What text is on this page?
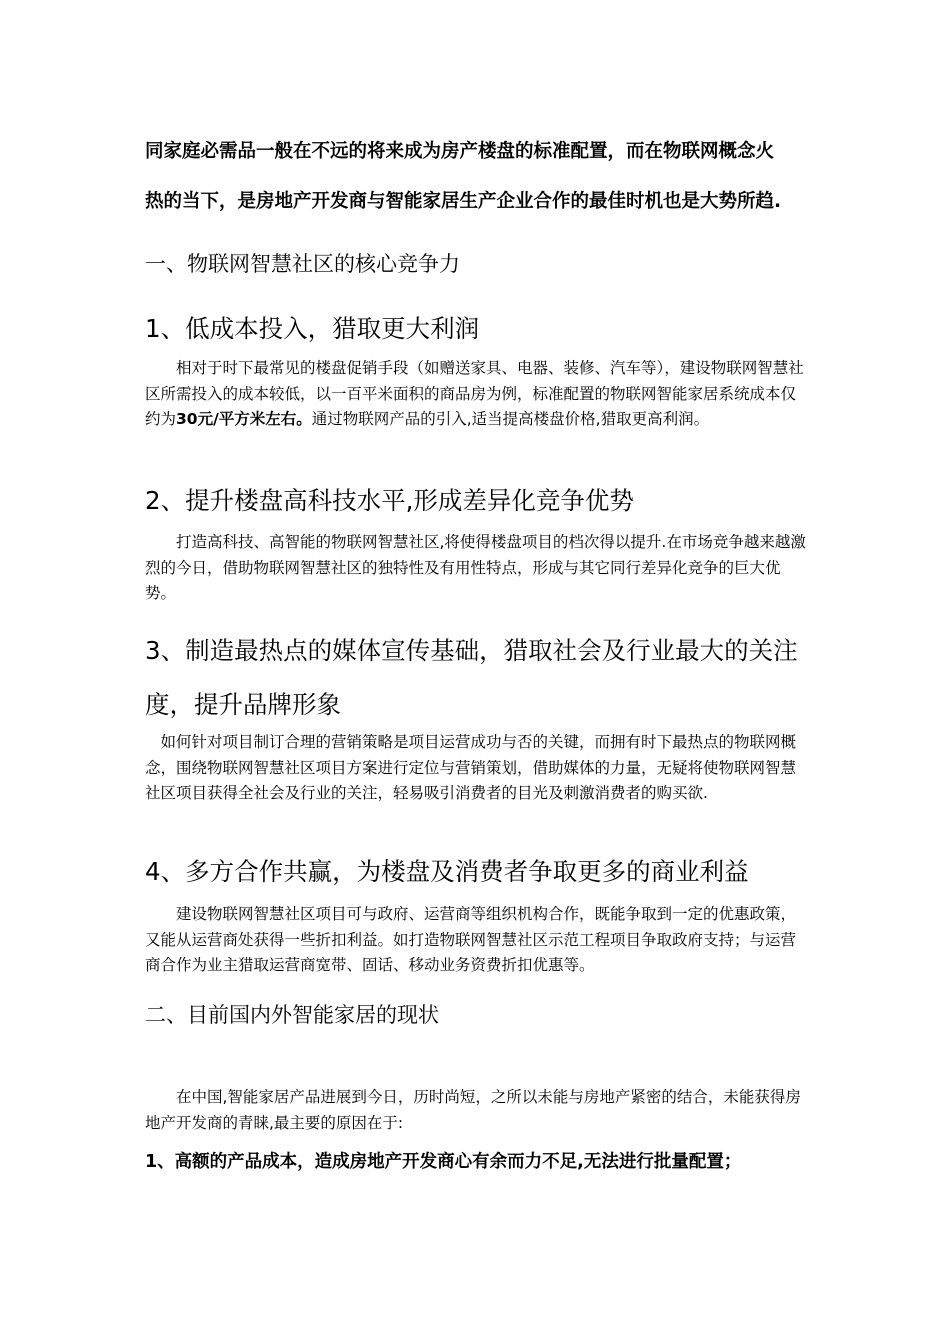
同家庭必需品一般在不远的将来成为房产楼盘的标准配置，而在物联网概念火

热的当下，是房地产开发商与智能家居生产企业合作的最佳时机也是大势所趋.

一、物联网智慧社区的核心竞争力

1、低成本投入，猎取更大利润

相对于时下最常见的楼盘促销手段（如赠送家具、电器、装修、汽车等），建设物联网智慧社区所需投入的成本较低，以一百平米面积的商品房为例，标准配置的物联网智能家居系统成本仅约为30元/平方米左右。通过物联网产品的引入,适当提高楼盘价格,猎取更高利润。

2、提升楼盘高科技水平,形成差异化竞争优势

打造高科技、高智能的物联网智慧社区,将使得楼盘项目的档次得以提升.在市场竞争越来越激烈的今日，借助物联网智慧社区的独特性及有用性特点，形成与其它同行差异化竞争的巨大优势。

3、制造最热点的媒体宣传基础，猎取社会及行业最大的关注度，提升品牌形象

如何针对项目制订合理的营销策略是项目运营成功与否的关键，而拥有时下最热点的物联网概念，围绕物联网智慧社区项目方案进行定位与营销策划，借助媒体的力量，无疑将使物联网智慧社区项目获得全社会及行业的关注，轻易吸引消费者的目光及刺激消费者的购买欲.

4、多方合作共赢，为楼盘及消费者争取更多的商业利益

建设物联网智慧社区项目可与政府、运营商等组织机构合作，既能争取到一定的优惠政策，又能从运营商处获得一些折扣利益。如打造物联网智慧社区示范工程项目争取政府支持；与运营商合作为业主猎取运营商宽带、固话、移动业务资费折扣优惠等。

二、目前国内外智能家居的现状

在中国,智能家居产品进展到今日，历时尚短，之所以未能与房地产紧密的结合，未能获得房地产开发商的青睐,最主要的原因在于:

1、高额的产品成本，造成房地产开发商心有余而力不足,无法进行批量配置；
